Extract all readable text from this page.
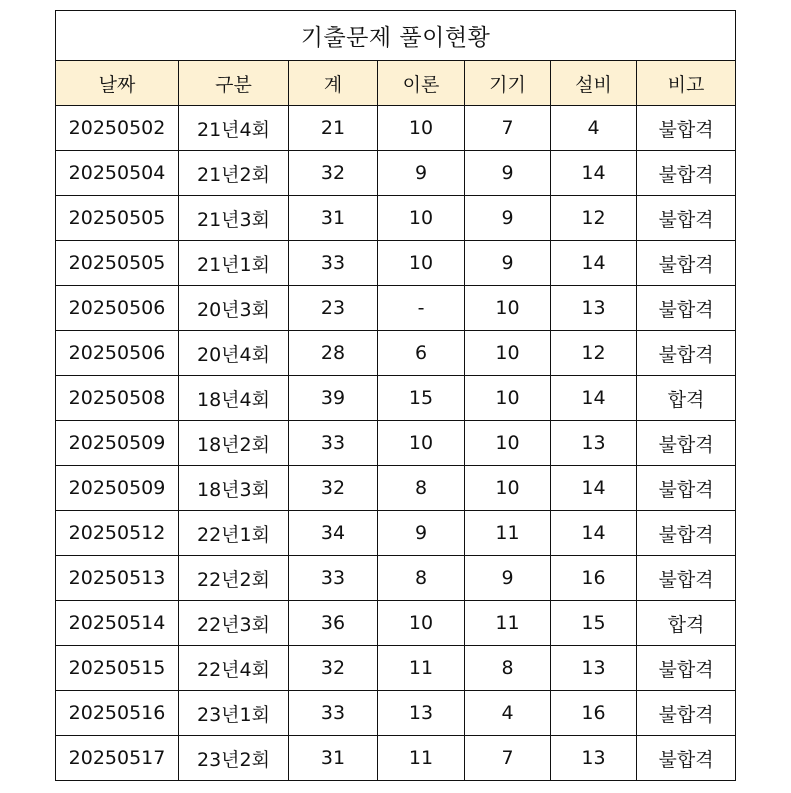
기출문제 풀이현황						
날짜	구분	계	이론	기기	설비	비고
20250502	21년4회	21	10	7	4	불합격
20250504	21년2회	32	9	9	14	불합격
20250505	21년3회	31	10	9	12	불합격
20250505	21년1회	33	10	9	14	불합격
20250506	20년3회	23	-	10	13	불합격
20250506	20년4회	28	6	10	12	불합격
20250508	18년4회	39	15	10	14	합격
20250509	18년2회	33	10	10	13	불합격
20250509	18년3회	32	8	10	14	불합격
20250512	22년1회	34	9	11	14	불합격
20250513	22년2회	33	8	9	16	불합격
20250514	22년3회	36	10	11	15	합격
20250515	22년4회	32	11	8	13	불합격
20250516	23년1회	33	13	4	16	불합격
20250517	23년2회	31	11	7	13	불합격
